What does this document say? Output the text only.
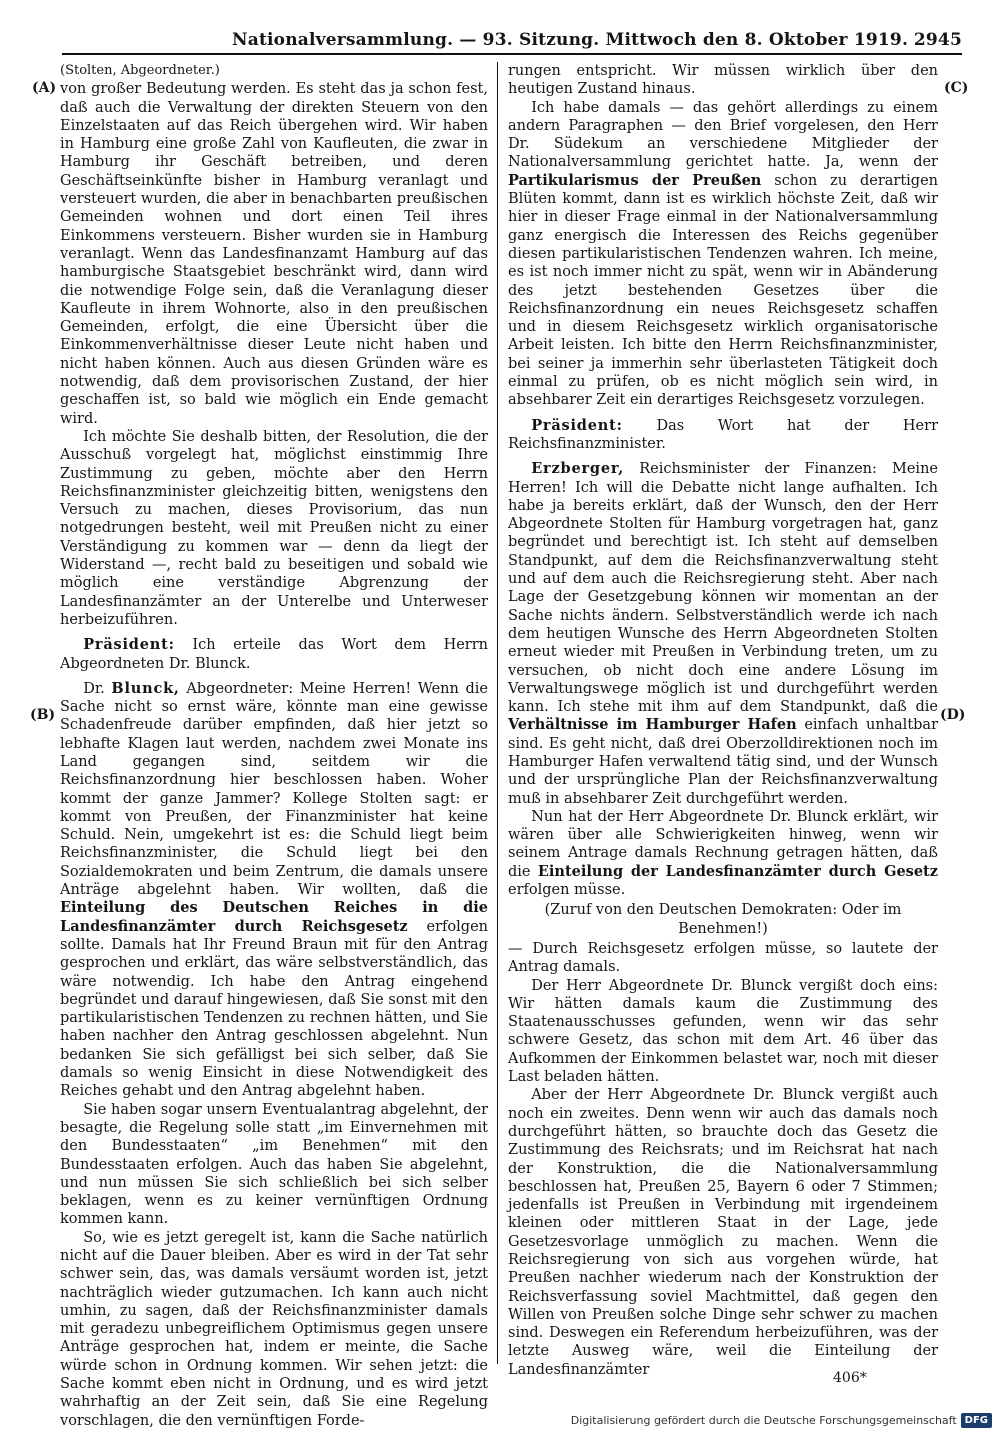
Nationalversammlung. — 93. Sitzung. Mittwoch den 8. Oktober 1919. 2945
(A)
(B)
(C)
(D)

(Stolten, Abgeordneter.)

von großer Bedeutung werden. Es steht das ja schon fest, daß auch die Verwaltung der direkten Steuern von den Einzelstaaten auf das Reich übergehen wird. Wir haben in Hamburg eine große Zahl von Kaufleuten, die zwar in Hamburg ihr Geschäft betreiben, und deren Geschäftseinkünfte bisher in Hamburg veranlagt und versteuert wurden, die aber in benachbarten preußischen Gemeinden wohnen und dort einen Teil ihres Einkommens versteuern. Bisher wurden sie in Hamburg veranlagt. Wenn das Landesfinanzamt Hamburg auf das hamburgische Staatsgebiet beschränkt wird, dann wird die notwendige Folge sein, daß die Veranlagung dieser Kaufleute in ihrem Wohnorte, also in den preußischen Gemeinden, erfolgt, die eine Übersicht über die Einkommenverhältnisse dieser Leute nicht haben und nicht haben können. Auch aus diesen Gründen wäre es notwendig, daß dem provisorischen Zustand, der hier geschaffen ist, so bald wie möglich ein Ende gemacht wird.

Ich möchte Sie deshalb bitten, der Resolution, die der Ausschuß vorgelegt hat, möglichst einstimmig Ihre Zustimmung zu geben, möchte aber den Herrn Reichsfinanzminister gleichzeitig bitten, wenigstens den Versuch zu machen, dieses Provisorium, das nun notgedrungen besteht, weil mit Preußen nicht zu einer Verständigung zu kommen war — denn da liegt der Widerstand —, recht bald zu beseitigen und sobald wie möglich eine verständige Abgrenzung der Landesfinanzämter an der Unterelbe und Unterweser herbeizuführen.

Präsident: Ich erteile das Wort dem Herrn Abgeordneten Dr. Blunck.

Dr. Blunck, Abgeordneter: Meine Herren! Wenn die Sache nicht so ernst wäre, könnte man eine gewisse Schadenfreude darüber empfinden, daß hier jetzt so lebhafte Klagen laut werden, nachdem zwei Monate ins Land gegangen sind, seitdem wir die Reichsfinanzordnung hier beschlossen haben. Woher kommt der ganze Jammer? Kollege Stolten sagt: er kommt von Preußen, der Finanzminister hat keine Schuld. Nein, umgekehrt ist es: die Schuld liegt beim Reichsfinanzminister, die Schuld liegt bei den Sozialdemokraten und beim Zentrum, die damals unsere Anträge abgelehnt haben. Wir wollten, daß die Einteilung des Deutschen Reiches in die Landesfinanzämter durch Reichsgesetz erfolgen sollte. Damals hat Ihr Freund Braun mit für den Antrag gesprochen und erklärt, das wäre selbstverständlich, das wäre notwendig. Ich habe den Antrag eingehend begründet und darauf hingewiesen, daß Sie sonst mit den partikularistischen Tendenzen zu rechnen hätten, und Sie haben nachher den Antrag geschlossen abgelehnt. Nun bedanken Sie sich gefälligst bei sich selber, daß Sie damals so wenig Einsicht in diese Notwendigkeit des Reiches gehabt und den Antrag abgelehnt haben.

Sie haben sogar unsern Eventualantrag abgelehnt, der besagte, die Regelung solle statt „im Einvernehmen mit den Bundesstaaten“ „im Benehmen“ mit den Bundesstaaten erfolgen. Auch das haben Sie abgelehnt, und nun müssen Sie sich schließlich bei sich selber beklagen, wenn es zu keiner vernünftigen Ordnung kommen kann.

So, wie es jetzt geregelt ist, kann die Sache natürlich nicht auf die Dauer bleiben. Aber es wird in der Tat sehr schwer sein, das, was damals versäumt worden ist, jetzt nachträglich wieder gutzumachen. Ich kann auch nicht umhin, zu sagen, daß der Reichsfinanzminister damals mit geradezu unbegreiflichem Optimismus gegen unsere Anträge gesprochen hat, indem er meinte, die Sache würde schon in Ordnung kommen. Wir sehen jetzt: die Sache kommt eben nicht in Ordnung, und es wird jetzt wahrhaftig an der Zeit sein, daß Sie eine Regelung vorschlagen, die den vernünftigen Forde-

rungen entspricht. Wir müssen wirklich über den heutigen Zustand hinaus.

Ich habe damals — das gehört allerdings zu einem andern Paragraphen — den Brief vorgelesen, den Herr Dr. Südekum an verschiedene Mitglieder der Nationalversammlung gerichtet hatte. Ja, wenn der Partikularismus der Preußen schon zu derartigen Blüten kommt, dann ist es wirklich höchste Zeit, daß wir hier in dieser Frage einmal in der Nationalversammlung ganz energisch die Interessen des Reichs gegenüber diesen partikularistischen Tendenzen wahren. Ich meine, es ist noch immer nicht zu spät, wenn wir in Abänderung des jetzt bestehenden Gesetzes über die Reichsfinanzordnung ein neues Reichsgesetz schaffen und in diesem Reichsgesetz wirklich organisatorische Arbeit leisten. Ich bitte den Herrn Reichsfinanzminister, bei seiner ja immerhin sehr überlasteten Tätigkeit doch einmal zu prüfen, ob es nicht möglich sein wird, in absehbarer Zeit ein derartiges Reichsgesetz vorzulegen.

Präsident: Das Wort hat der Herr Reichsfinanzminister.

Erzberger, Reichsminister der Finanzen: Meine Herren! Ich will die Debatte nicht lange aufhalten. Ich habe ja bereits erklärt, daß der Wunsch, den der Herr Abgeordnete Stolten für Hamburg vorgetragen hat, ganz begründet und berechtigt ist. Ich steht auf demselben Standpunkt, auf dem die Reichsfinanzverwaltung steht und auf dem auch die Reichsregierung steht. Aber nach Lage der Gesetzgebung können wir momentan an der Sache nichts ändern. Selbstverständlich werde ich nach dem heutigen Wunsche des Herrn Abgeordneten Stolten erneut wieder mit Preußen in Verbindung treten, um zu versuchen, ob nicht doch eine andere Lösung im Verwaltungswege möglich ist und durchgeführt werden kann. Ich stehe mit ihm auf dem Standpunkt, daß die Verhältnisse im Hamburger Hafen einfach unhaltbar sind. Es geht nicht, daß drei Oberzolldirektionen noch im Hamburger Hafen verwaltend tätig sind, und der Wunsch und der ursprüngliche Plan der Reichsfinanzverwaltung muß in absehbarer Zeit durchgeführt werden.

Nun hat der Herr Abgeordnete Dr. Blunck erklärt, wir wären über alle Schwierigkeiten hinweg, wenn wir seinem Antrage damals Rechnung getragen hätten, daß die Einteilung der Landesfinanzämter durch Gesetz erfolgen müsse.

(Zuruf von den Deutschen Demokraten: Oder im Benehmen!)

— Durch Reichsgesetz erfolgen müsse, so lautete der Antrag damals.

Der Herr Abgeordnete Dr. Blunck vergißt doch eins: Wir hätten damals kaum die Zustimmung des Staatenausschusses gefunden, wenn wir das sehr schwere Gesetz, das schon mit dem Art. 46 über das Aufkommen der Einkommen belastet war, noch mit dieser Last beladen hätten.

Aber der Herr Abgeordnete Dr. Blunck vergißt auch noch ein zweites. Denn wenn wir auch das damals noch durchgeführt hätten, so brauchte doch das Gesetz die Zustimmung des Reichsrats; und im Reichsrat hat nach der Konstruktion, die die Nationalversammlung beschlossen hat, Preußen 25, Bayern 6 oder 7 Stimmen; jedenfalls ist Preußen in Verbindung mit irgendeinem kleinen oder mittleren Staat in der Lage, jede Gesetzesvorlage unmöglich zu machen. Wenn die Reichsregierung von sich aus vorgehen würde, hat Preußen nachher wiederum nach der Konstruktion der Reichsverfassung soviel Machtmittel, daß gegen den Willen von Preußen solche Dinge sehr schwer zu machen sind. Deswegen ein Referendum herbeizuführen, was der letzte Ausweg wäre, weil die Einteilung der Landesfinanzämter

406*
Digitalisierung gefördert durch die Deutsche Forschungsgemeinschaft DFG
